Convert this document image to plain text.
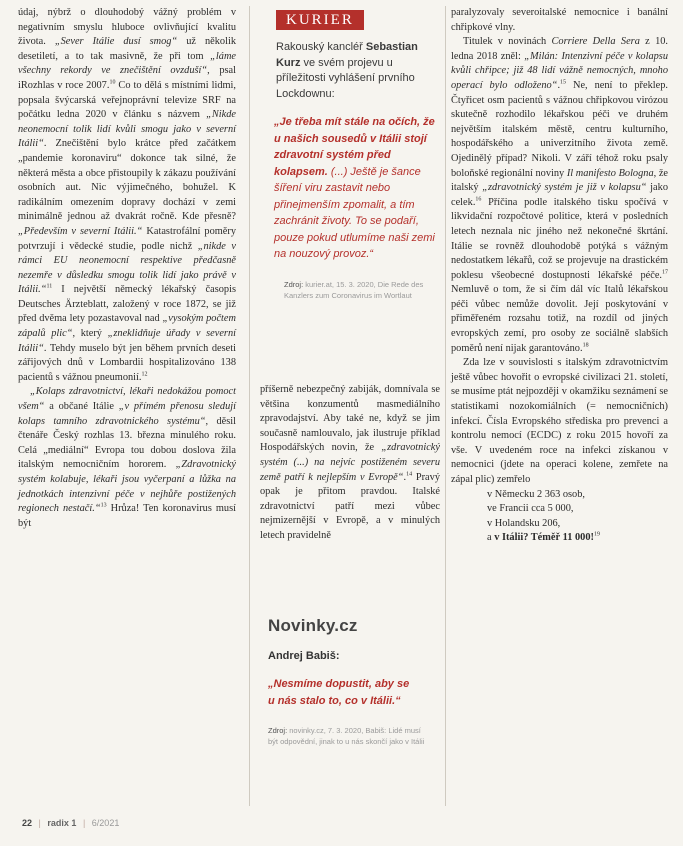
údaj, nýbrž o dlouhodobý vážný problém v negativním smyslu hluboce ovlivňující kvalitu života. „Sever Itálie dusí smog“ už několik desetiletí, a to tak masivně, že při tom „láme všechny rekordy ve znečištění ovzduší“, psal iRozhlas v roce 2007.10 Co to dělá s místními lidmi, popsala švýcarská veřejnoprávní televize SRF na počátku ledna 2020 v článku s názvem „Nikde neonemocní tolik lidí kvůli smogu jako v severní Itálii“. Znečištění bylo krátce před začátkem „pandemie koronaviru“ dokonce tak silné, že některá města a obce přistoupily k zákazu používání osobních aut. Nic výjimečného, bohužel. K radikálním omezením dopravy dochází v zemi minimálně jednou až dvakrát ročně. Kde přesně? „Především v severní Itálii.“ Katastrofální poměry potvrzují i vědecké studie, podle nichž „nikde v rámci EU neonemocní respektive předčasně nezemře v důsledku smogu tolik lidí jako právě v Itálii.“$^{11}$ I největší německý lékařský časopis Deutsches Ärzteblatt, založený v roce 1872, se již před dvěma lety pozastavoval nad „vysokým počtem zápalů plic“, který „zneklidňuje úřady v severní Itálii“. Tehdy muselo být jen během prvních deseti zářijových dnů v Lombardii hospitalizováno 138 pacientů s vážnou pneumonií.$^{12}$

„Kolaps zdravotnictví, lékaři nedokážou pomoct všem“ a občané Itálie „v přímém přenosu sledují kolaps tamního zdravotnického systému“, děsil čtenáře Český rozhlas 13. března minulého roku. Celá „mediální“ Evropa tou dobou doslova žila italským nemocničním hororem. „Zdravotnický systém kolabuje, lékaři jsou vyčerpaní a lůžka na jednotkách intenzivní péče v nejhůře postižených regionech nestačí.“$^{13}$ Hrůza! Ten koronavirus musí být

KURIER
Rakouský kancléř Sebastian Kurz ve svém projevu u příležitosti vyhlášení prvního Lockdownu:
„Je třeba mít stále na očích, že u našich sousedů v Itálii stojí zdravotní systém před kolapsem. (...) Ještě je šance šíření viru zastavit nebo přinejmenším zpomalit, a tím zachránit životy. To se podaří, pouze pokud utlumíme naši zemi na nouzový provoz.“
Zdroj: kurier.at, 15. 3. 2020, Die Rede des Kanzlers zum Coronavirus im Wortlaut

příšerně nebezpečný zabiják, domnívala se většina konzumentů masmediálního zpravodajství. Aby také ne, když se jim současně namlouvalo, jak ilustruje příklad Hospodářských novin, že „zdravotnický systém (...) na nejvíc postiženém severu země patří k nejlepším v Evropě“.$^{14}$ Pravý opak je přitom pravdou. Italské zdravotnictví patří mezi vůbec nejmizernější v Evropě, a v minulých letech pravidelně

Novinky.cz
Andrej Babiš:
„Nesmíme dopustit, aby se u nás stalo to, co v Itálii.“
Zdroj: novinky.cz, 7. 3. 2020, Babiš: Lidé musí být odpovědní, jinak to u nás skončí jako v Itálii

paralyzovaly severoitalské nemocnice i banální chřipkové vlny.

Titulek v novinách Corriere Della Sera z 10. ledna 2018 zněl: „Milán: Intenzivní péče v kolapsu kvůli chřipce; již 48 lidí vážně nemocných, mnoho operací bylo odloženo“.$^{15}$ Ne, není to překlep. Čtyřicet osm pacientů s vážnou chřipkovou virózou skutečně rozhodilo lékařskou péči ve druhém největším italském městě, centru kulturního, hospodářského a univerzitního života země. Ojedinělý případ? Nikoli. V září téhož roku psaly boloňské regionální noviny Il manifesto Bologna, že italský „zdravotnický systém je již v kolapsu“ jako celek.$^{16}$ Příčina podle italského tisku spočívá v likvidační rozpočtové politice, která v posledních letech neznala nic jiného než nekonečné škrtání. Itálie se rovněž dlouhodobě potýká s vážným nedostatkem lékařů, což se projevuje na drastickém poklesu všeobecné dostupnosti lékařské péče.$^{17}$ Nemluvě o tom, že si čím dál víc Italů lékařskou péči vůbec nemůže dovolit. Její poskytování v přiměřeném rozsahu totiž, na rozdíl od jiných evropských zemí, pro osoby ze sociálně slabších poměrů není nijak garantováno.$^{18}$

Zda lze v souvislosti s italským zdravotnictvím ještě vůbec hovořit o evropské civilizaci 21. století, se musíme ptát nejpozději v okamžiku seznámení se statistikami nozokomiálních (= nemocničních) infekcí. Čísla Evropského střediska pro prevenci a kontrolu nemocí (ECDC) z roku 2015 hovoří za vše. V uvedeném roce na infekci získanou v nemocnici (jdete na operaci kolene, zemřete na zápal plic) zemřelo

v Německu 2 363 osob,
ve Francii cca 5 000,
v Holandsku 206,
a v Itálii? Téměř 11 000!$^{19}$
22 | radix 1 | 6/2021
